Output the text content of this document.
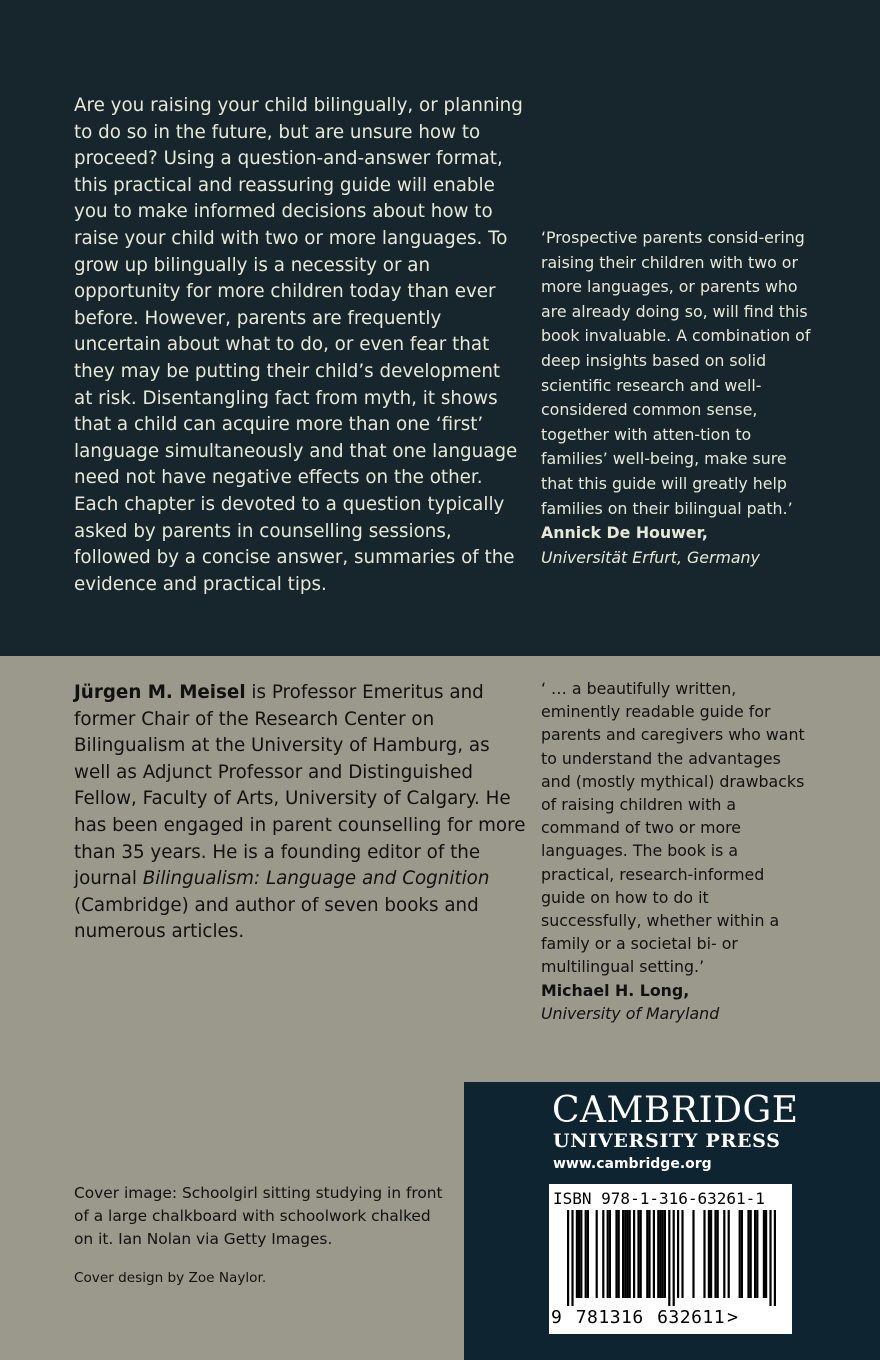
Are you raising your child bilingually, or planning to do so in the future, but are unsure how to proceed? Using a question-and-answer format, this practical and reassuring guide will enable you to make informed decisions about how to raise your child with two or more languages. To grow up bilingually is a necessity or an opportunity for more children today than ever before. However, parents are frequently uncertain about what to do, or even fear that they may be putting their child’s development at risk. Disentangling fact from myth, it shows that a child can acquire more than one ‘first’ language simultaneously and that one language need not have negative effects on the other. Each chapter is devoted to a question typically asked by parents in counselling sessions, followed by a concise answer, summaries of the evidence and practical tips.

‘Prospective parents consid-ering raising their children with two or more languages, or parents who are already doing so, will find this book invaluable. A combination of deep insights based on solid scientific research and well-considered common sense, together with atten-tion to families’ well-being, make sure that this guide will greatly help families on their bilingual path.’

Annick De Houwer,
Universität Erfurt, Germany

Jürgen M. Meisel is Professor Emeritus and former Chair of the Research Center on Bilingualism at the University of Hamburg, as well as Adjunct Professor and Distinguished Fellow, Faculty of Arts, University of Calgary. He has been engaged in parent counselling for more than 35 years. He is a founding editor of the journal Bilingualism: Language and Cognition (Cambridge) and author of seven books and numerous articles.

‘ … a beautifully written, eminently readable guide for parents and caregivers who want to understand the advantages and (mostly mythical) drawbacks of raising children with a command of two or more languages. The book is a practical, research-informed guide on how to do it successfully, whether within a family or a societal bi- or multilingual setting.’

Michael H. Long,
University of Maryland

CAMBRIDGE
UNIVERSITY PRESS
www.cambridge.org
ISBN 978-1-316-63261-1
9 781316 632611 >

Cover image: Schoolgirl sitting studying in front of a large chalkboard with schoolwork chalked on it. Ian Nolan via Getty Images.

Cover design by Zoe Naylor.
